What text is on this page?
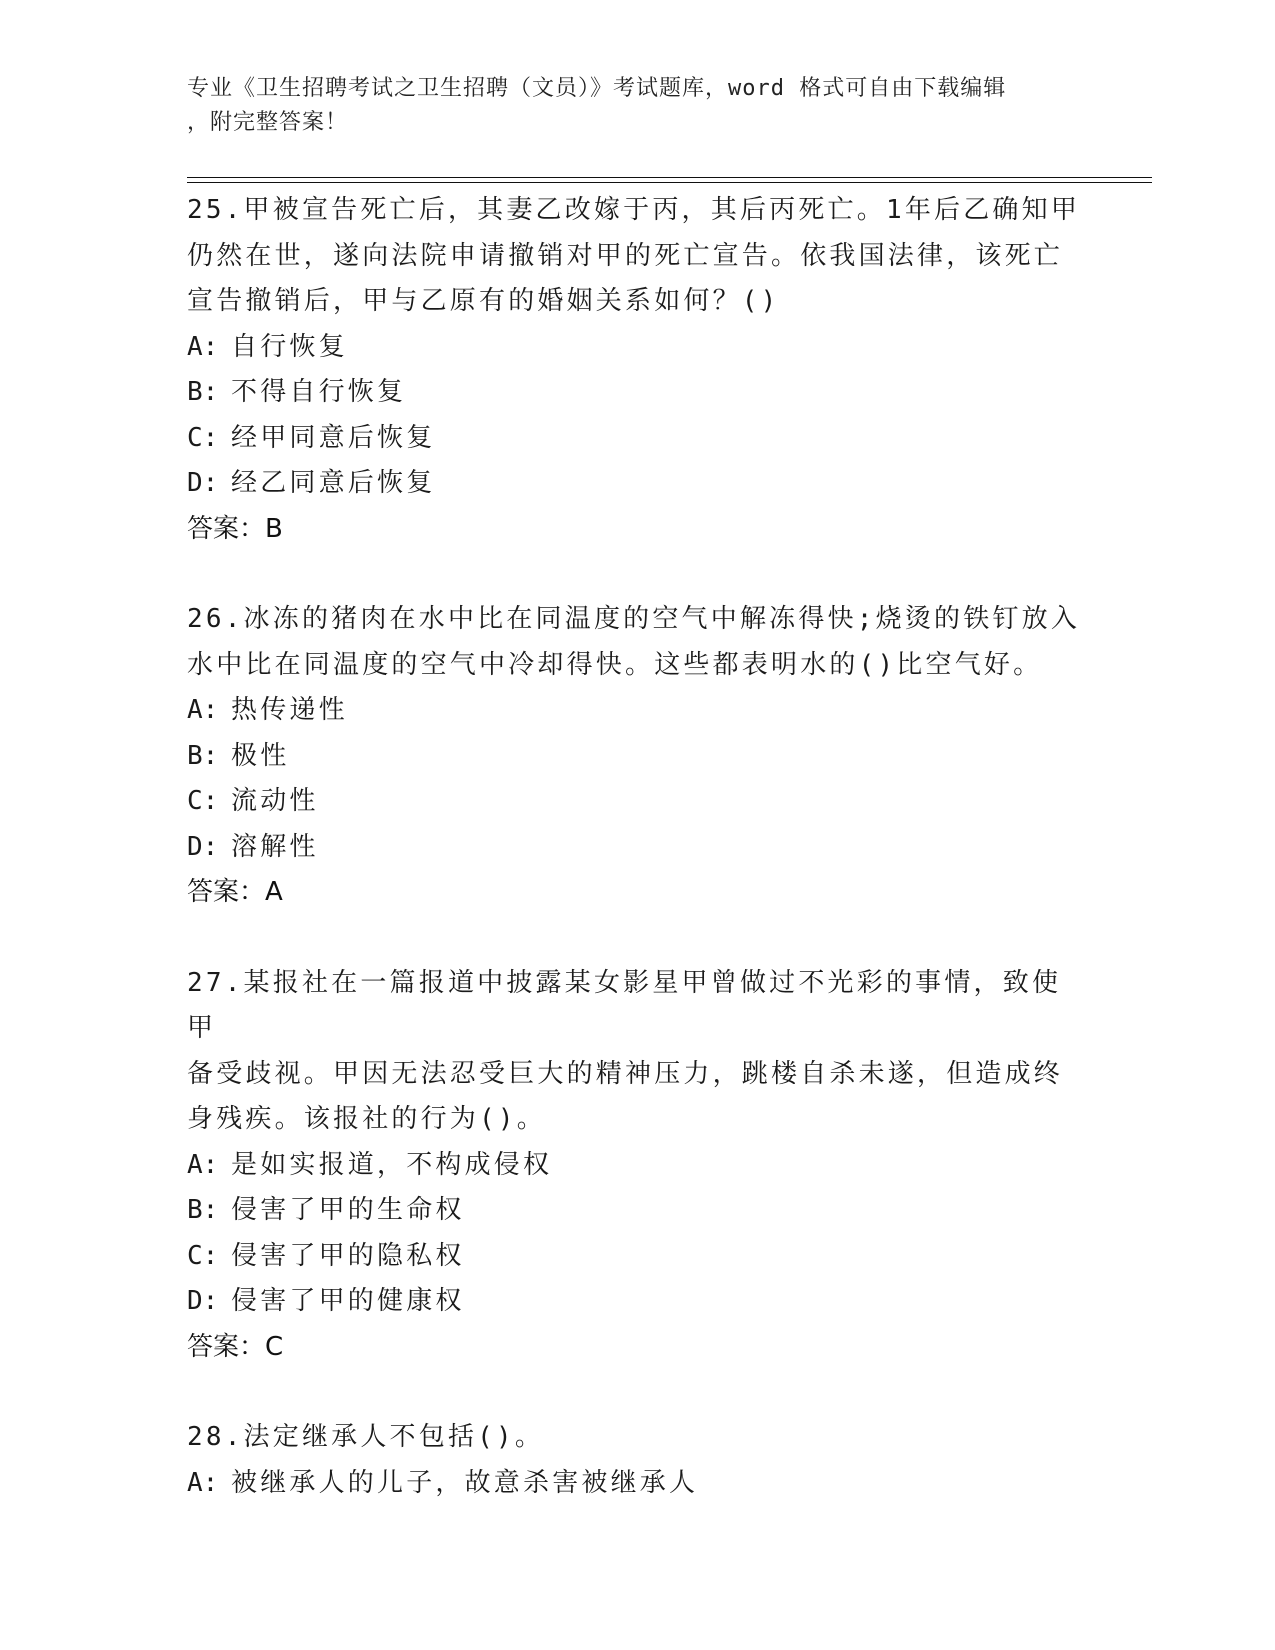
专业《卫生招聘考试之卫生招聘（文员）》考试题库，word 格式可自由下载编辑
，附完整答案！

25.甲被宣告死亡后，其妻乙改嫁于丙，其后丙死亡。1年后乙确知甲

仍然在世，遂向法院申请撤销对甲的死亡宣告。依我国法律，该死亡

宣告撤销后，甲与乙原有的婚姻关系如何？()

A: 自行恢复

B: 不得自行恢复

C: 经甲同意后恢复

D: 经乙同意后恢复

答案：B

26.冰冻的猪肉在水中比在同温度的空气中解冻得快;烧烫的铁钉放入

水中比在同温度的空气中冷却得快。这些都表明水的()比空气好。

A: 热传递性

B: 极性

C: 流动性

D: 溶解性

答案：A

27.某报社在一篇报道中披露某女影星甲曾做过不光彩的事情，致使甲

备受歧视。甲因无法忍受巨大的精神压力，跳楼自杀未遂，但造成终

身残疾。该报社的行为()。

A: 是如实报道，不构成侵权

B: 侵害了甲的生命权

C: 侵害了甲的隐私权

D: 侵害了甲的健康权

答案：C

28.法定继承人不包括()。

A: 被继承人的儿子，故意杀害被继承人
